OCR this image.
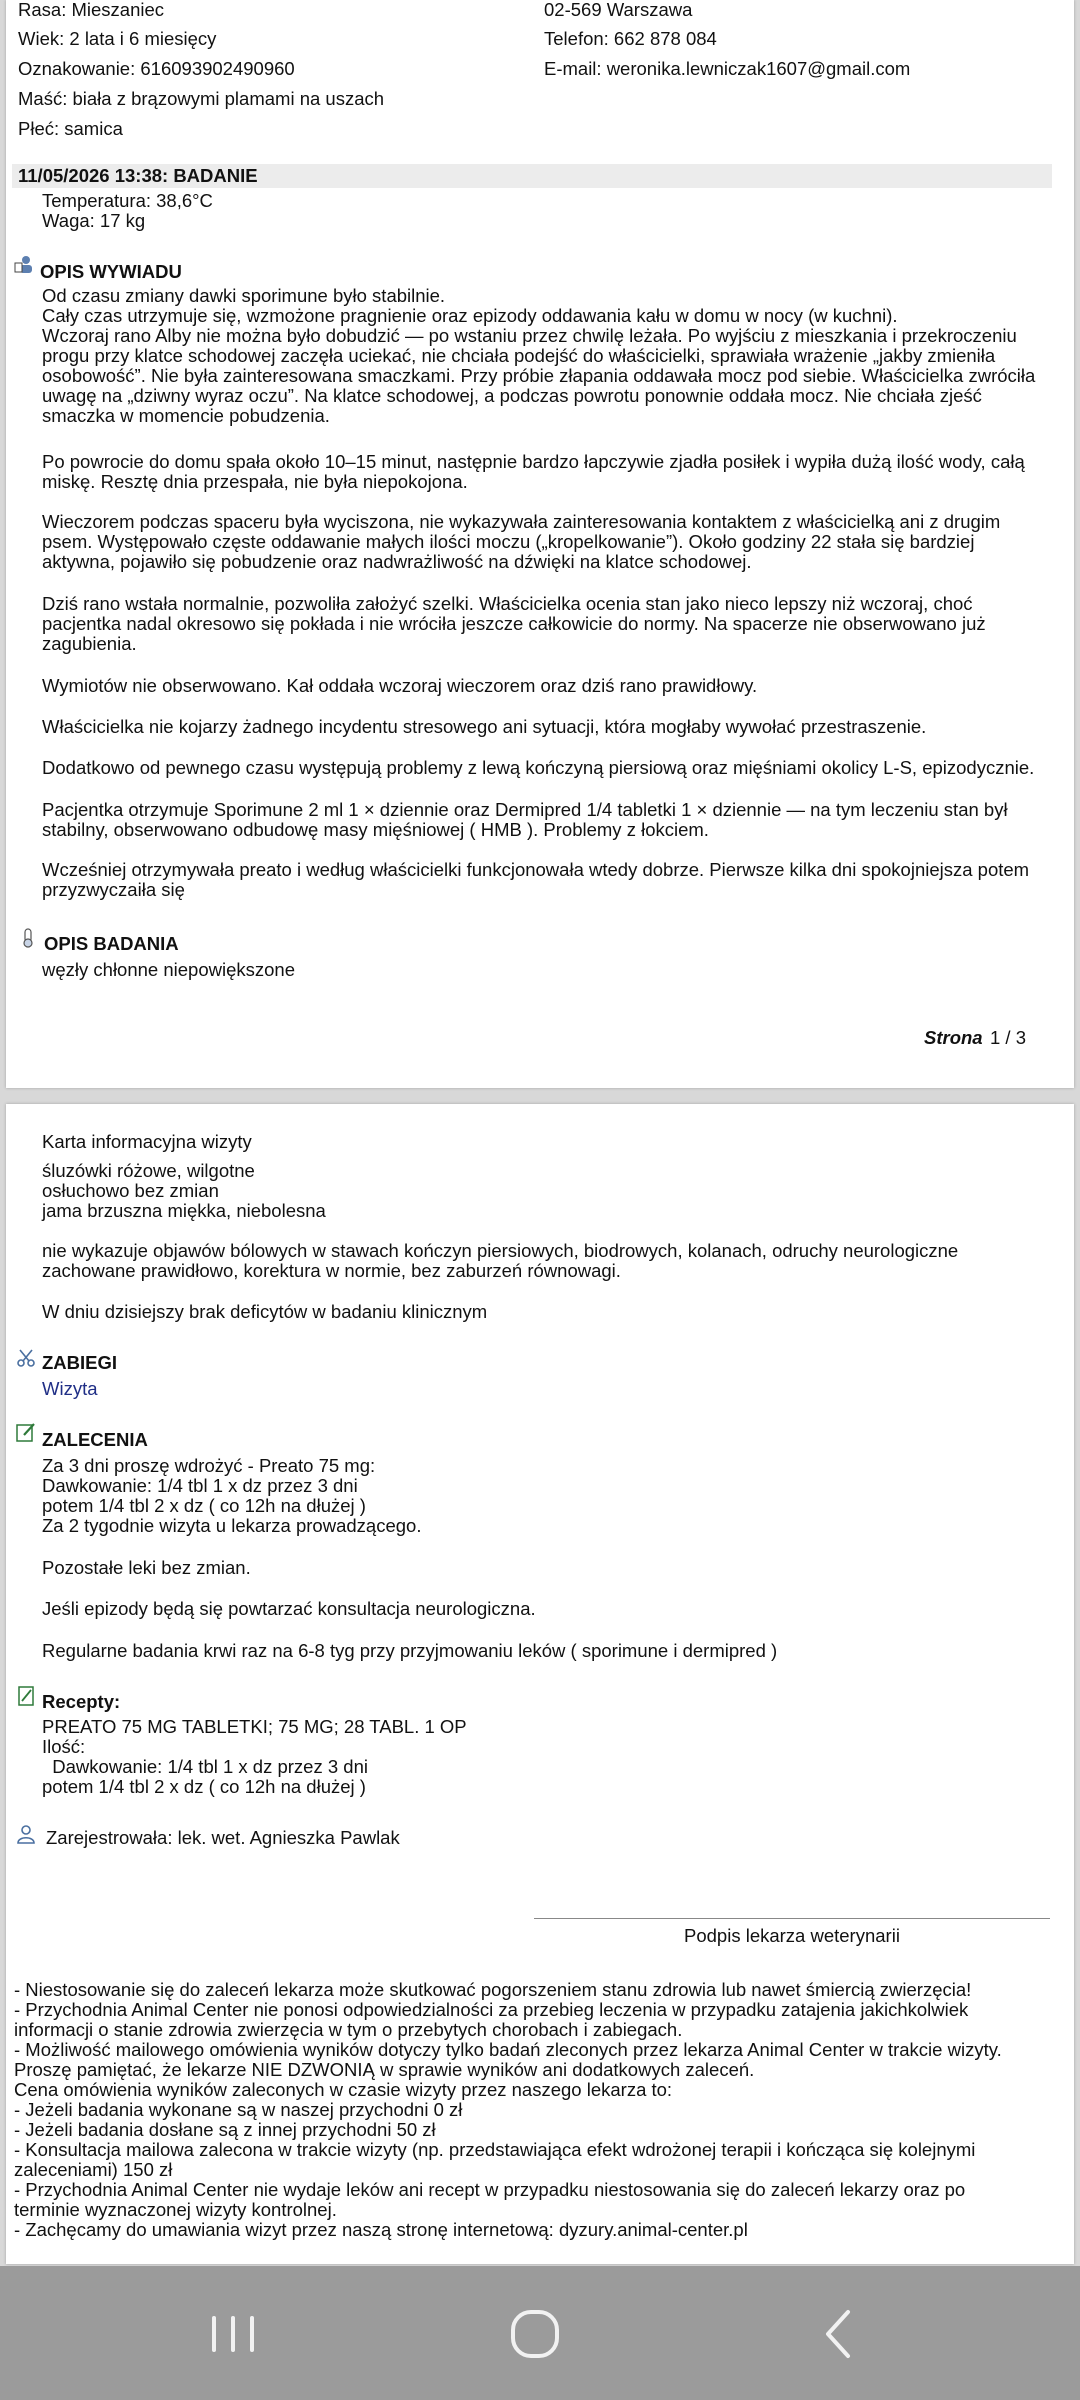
Rasa: Mieszaniec
Wiek: 2 lata i 6 miesięcy
Oznakowanie: 616093902490960
Maść: biała z brązowymi plamami na uszach
Płeć: samica
02-569 Warszawa
Telefon: 662 878 084
E-mail: weronika.lewniczak1607@gmail.com
11/05/2026 13:38: BADANIE
Temperatura: 38,6°C
Waga: 17 kg
OPIS WYWIADU
Od czasu zmiany dawki sporimune było stabilnie.
Cały czas utrzymuje się, wzmożone pragnienie oraz epizody oddawania kału w domu w nocy (w kuchni).
Wczoraj rano Alby nie można było dobudzić — po wstaniu przez chwilę leżała. Po wyjściu z mieszkania i przekroczeniu progu przy klatce schodowej zaczęła uciekać, nie chciała podejść do właścicielki, sprawiała wrażenie „jakby zmieniła osobowość”. Nie była zainteresowana smaczkami. Przy próbie złapania oddawała mocz pod siebie. Właścicielka zwróciła uwagę na „dziwny wyraz oczu”. Na klatce schodowej, a podczas powrotu ponownie oddała mocz. Nie chciała zjeść smaczka w momencie pobudzenia.
Po powrocie do domu spała około 10–15 minut, następnie bardzo łapczywie zjadła posiłek i wypiła dużą ilość wody, całą miskę. Resztę dnia przespała, nie była niepokojona.
Wieczorem podczas spaceru była wyciszona, nie wykazywała zainteresowania kontaktem z właścicielką ani z drugim psem. Występowało częste oddawanie małych ilości moczu („kropelkowanie”). Około godziny 22 stała się bardziej aktywna, pojawiło się pobudzenie oraz nadwrażliwość na dźwięki na klatce schodowej.
Dziś rano wstała normalnie, pozwoliła założyć szelki. Właścicielka ocenia stan jako nieco lepszy niż wczoraj, choć pacjentka nadal okresowo się pokłada i nie wróciła jeszcze całkowicie do normy. Na spacerze nie obserwowano już zagubienia.
Wymiotów nie obserwowano. Kał oddała wczoraj wieczorem oraz dziś rano prawidłowy.
Właścicielka nie kojarzy żadnego incydentu stresowego ani sytuacji, która mogłaby wywołać przestraszenie.
Dodatkowo od pewnego czasu występują problemy z lewą kończyną piersiową oraz mięśniami okolicy L-S, epizodycznie.
Pacjentka otrzymuje Sporimune 2 ml 1 × dziennie oraz Dermipred 1/4 tabletki 1 × dziennie — na tym leczeniu stan był stabilny, obserwowano odbudowę masy mięśniowej ( HMB ). Problemy z łokciem.
Wcześniej otrzymywała preato i według właścicielki funkcjonowała wtedy dobrze. Pierwsze kilka dni spokojniejsza potem przyzwyczaiła się
OPIS BADANIA
węzły chłonne niepowiększone
Strona 1 / 3
Karta informacyjna wizyty
śluzówki różowe, wilgotne
osłuchowo bez zmian
jama brzuszna miękka, niebolesna
nie wykazuje objawów bólowych w stawach kończyn piersiowych, biodrowych, kolanach, odruchy neurologiczne zachowane prawidłowo, korektura w normie, bez zaburzeń równowagi.
W dniu dzisiejszy brak deficytów w badaniu klinicznym
ZABIEGI
Wizyta
ZALECENIA
Za 3 dni proszę wdrożyć - Preato 75 mg:
Dawkowanie: 1/4 tbl 1 x dz przez 3 dni
potem 1/4 tbl 2 x dz ( co 12h na dłużej )
Za 2 tygodnie wizyta u lekarza prowadzącego.
Pozostałe leki bez zmian.
Jeśli epizody będą się powtarzać konsultacja neurologiczna.
Regularne badania krwi raz na 6-8 tyg przy przyjmowaniu leków ( sporimune i dermipred )
Recepty:
PREATO 75 MG TABLETKI; 75 MG; 28 TABL. 1 OP
Ilość:
Dawkowanie: 1/4 tbl 1 x dz przez 3 dni
potem 1/4 tbl 2 x dz ( co 12h na dłużej )
Zarejestrowała: lek. wet. Agnieszka Pawlak
Podpis lekarza weterynarii
- Niestosowanie się do zaleceń lekarza może skutkować pogorszeniem stanu zdrowia lub nawet śmiercią zwierzęcia!
- Przychodnia Animal Center nie ponosi odpowiedzialności za przebieg leczenia w przypadku zatajenia jakichkolwiek
informacji o stanie zdrowia zwierzęcia w tym o przebytych chorobach i zabiegach.
- Możliwość mailowego omówienia wyników dotyczy tylko badań zleconych przez lekarza Animal Center w trakcie wizyty.
Proszę pamiętać, że lekarze NIE DZWONIĄ w sprawie wyników ani dodatkowych zaleceń.
Cena omówienia wyników zaleconych w czasie wizyty przez naszego lekarza to:
- Jeżeli badania wykonane są w naszej przychodni 0 zł
- Jeżeli badania dosłane są z innej przychodni 50 zł
- Konsultacja mailowa zalecona w trakcie wizyty (np. przedstawiająca efekt wdrożonej terapii i kończąca się kolejnymi
zaleceniami) 150 zł
- Przychodnia Animal Center nie wydaje leków ani recept w przypadku niestosowania się do zaleceń lekarzy oraz po
terminie wyznaczonej wizyty kontrolnej.
- Zachęcamy do umawiania wizyt przez naszą stronę internetową: dyzury.animal-center.pl
